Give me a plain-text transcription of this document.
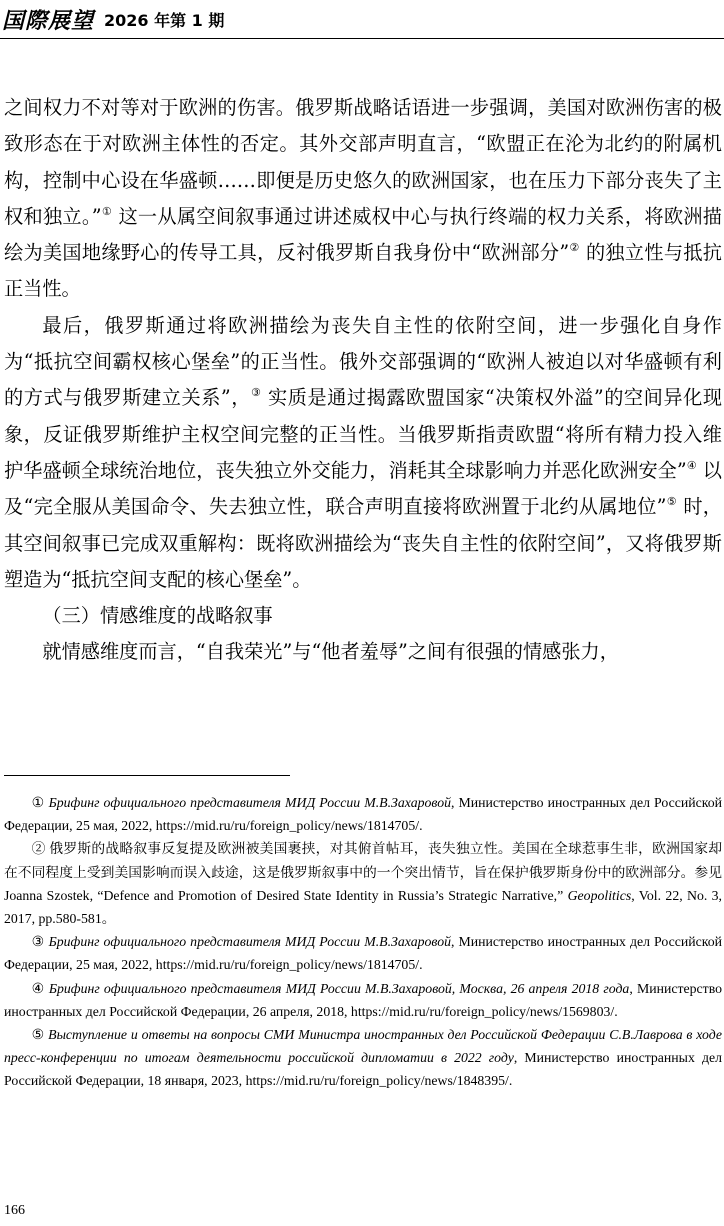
国際展望 2026 年第 1 期

之间权力不对等对于欧洲的伤害。俄罗斯战略话语进一步强调，美国对欧洲伤害的极致形态在于对欧洲主体性的否定。其外交部声明直言，“欧盟正在沦为北约的附属机构，控制中心设在华盛顿……即便是历史悠久的欧洲国家，也在压力下部分丧失了主权和独立。”① 这一从属空间叙事通过讲述威权中心与执行终端的权力关系，将欧洲描绘为美国地缘野心的传导工具，反衬俄罗斯自我身份中“欧洲部分”② 的独立性与抵抗正当性。

最后，俄罗斯通过将欧洲描绘为丧失自主性的依附空间，进一步强化自身作为“抵抗空间霸权核心堡垒”的正当性。俄外交部强调的“欧洲人被迫以对华盛顿有利的方式与俄罗斯建立关系”，③ 实质是通过揭露欧盟国家“决策权外溢”的空间异化现象，反证俄罗斯维护主权空间完整的正当性。当俄罗斯指责欧盟“将所有精力投入维护华盛顿全球统治地位，丧失独立外交能力，消耗其全球影响力并恶化欧洲安全”④ 以及“完全服从美国命令、失去独立性，联合声明直接将欧洲置于北约从属地位”⑤ 时，其空间叙事已完成双重解构：既将欧洲描绘为“丧失自主性的依附空间”，又将俄罗斯塑造为“抵抗空间支配的核心堡垒”。

（三）情感维度的战略叙事

就情感维度而言，“自我荣光”与“他者羞辱”之间有很强的情感张力，

① Брифинг официального представителя МИД России М.В.Захаровой, Министерство иностранных дел Российской Федерации, 25 мая, 2022, https://mid.ru/ru/foreign_policy/news/1814705/.

② 俄罗斯的战略叙事反复提及欧洲被美国裹挟，对其俯首帖耳，丧失独立性。美国在全球惹事生非，欧洲国家却在不同程度上受到美国影响而误入歧途，这是俄罗斯叙事中的一个突出情节，旨在保护俄罗斯身份中的欧洲部分。参见 Joanna Szostek, “Defence and Promotion of Desired State Identity in Russia’s Strategic Narrative,” Geopolitics, Vol. 22, No. 3, 2017, pp.580-581。

③ Брифинг официального представителя МИД России М.В.Захаровой, Министерство иностранных дел Российской Федерации, 25 мая, 2022, https://mid.ru/ru/foreign_policy/news/1814705/.

④ Брифинг официального представителя МИД России М.В.Захаровой, Москва, 26 апреля 2018 года, Министерство иностранных дел Российской Федерации, 26 апреля, 2018, https://mid.ru/ru/foreign_policy/news/1569803/.

⑤ Выступление и ответы на вопросы СМИ Министра иностранных дел Российской Федерации С.В.Лаврова в ходе пресс-конференции по итогам деятельности российской дипломатии в 2022 году, Министерство иностранных дел Российской Федерации, 18 января, 2023, https://mid.ru/ru/foreign_policy/news/1848395/.

166
